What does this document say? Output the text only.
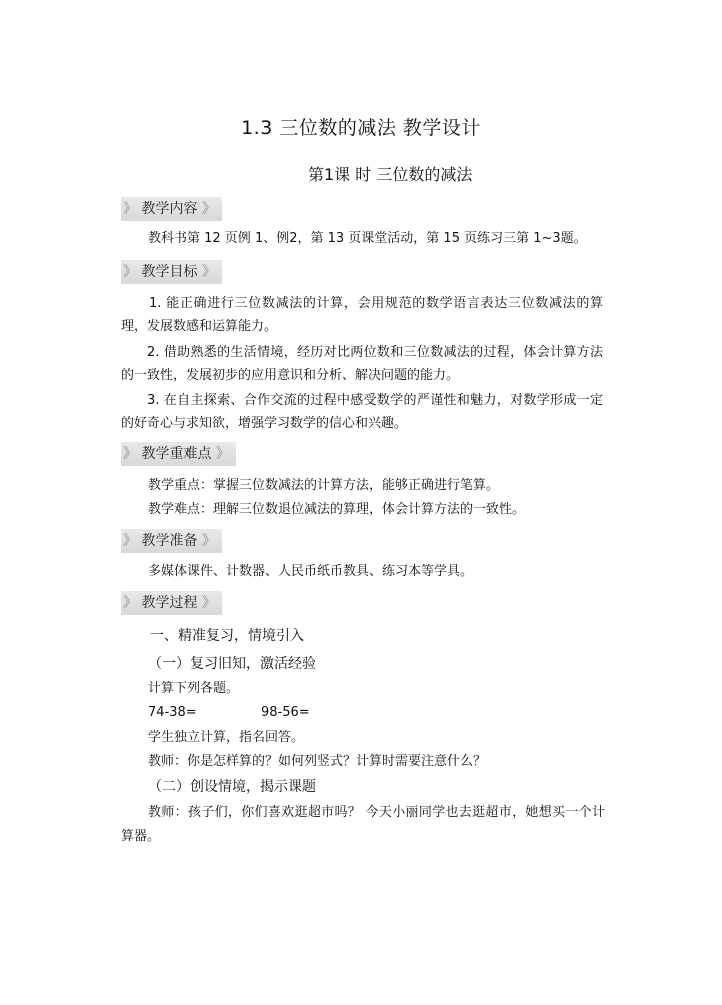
1.3 三位数的减法 教学设计
第1课 时 三位数的减法
》 教学内容 》
教科书第 12 页例 1、例2，第 13 页课堂活动，第 15 页练习三第 1~3题。
》 教学目标 》
1. 能正确进行三位数减法的计算，会用规范的数学语言表达三位数减法的算理，发展数感和运算能力。
2. 借助熟悉的生活情境，经历对比两位数和三位数减法的过程，体会计算方法的一致性，发展初步的应用意识和分析、解决问题的能力。
3. 在自主探索、合作交流的过程中感受数学的严谨性和魅力，对数学形成一定的好奇心与求知欲，增强学习数学的信心和兴趣。
》 教学重难点 》
教学重点：掌握三位数减法的计算方法，能够正确进行笔算。
教学难点：理解三位数退位减法的算理，体会计算方法的一致性。
》 教学准备 》
多媒体课件、计数器、人民币纸币教具、练习本等学具。
》 教学过程 》
一、精准复习，情境引入
（一）复习旧知，激活经验
计算下列各题。
74-38=	98-56=
学生独立计算，指名回答。
教师：你是怎样算的？如何列竖式？计算时需要注意什么？
（二）创设情境，揭示课题
教师：孩子们，你们喜欢逛超市吗？ 今天小丽同学也去逛超市，她想买一个计算器。
